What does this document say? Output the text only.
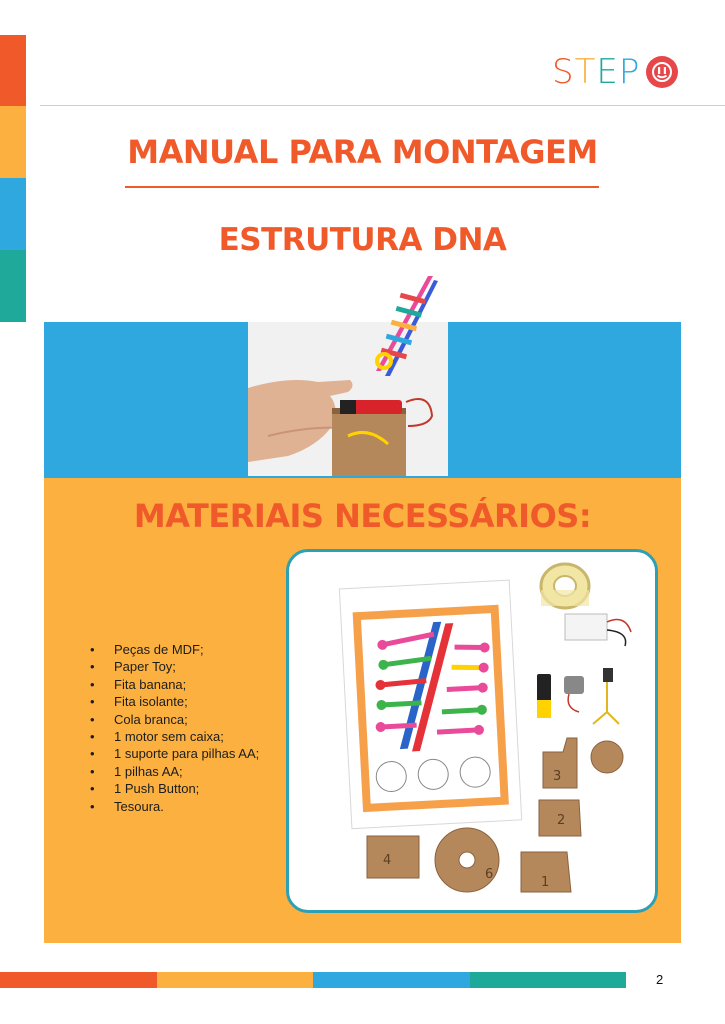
STEP
MANUAL PARA MONTAGEM
ESTRUTURA DNA
MATERIAIS NECESSÁRIOS:
• Peças de MDF;
• Paper Toy;
• Fita banana;
• Fita isolante;
• Cola branca;
• 1 motor sem caixa;
• 1 suporte para pilhas AA;
• 1 pilhas AA;
• 1 Push Button;
• Tesoura.
3
2
4
6
1
2
